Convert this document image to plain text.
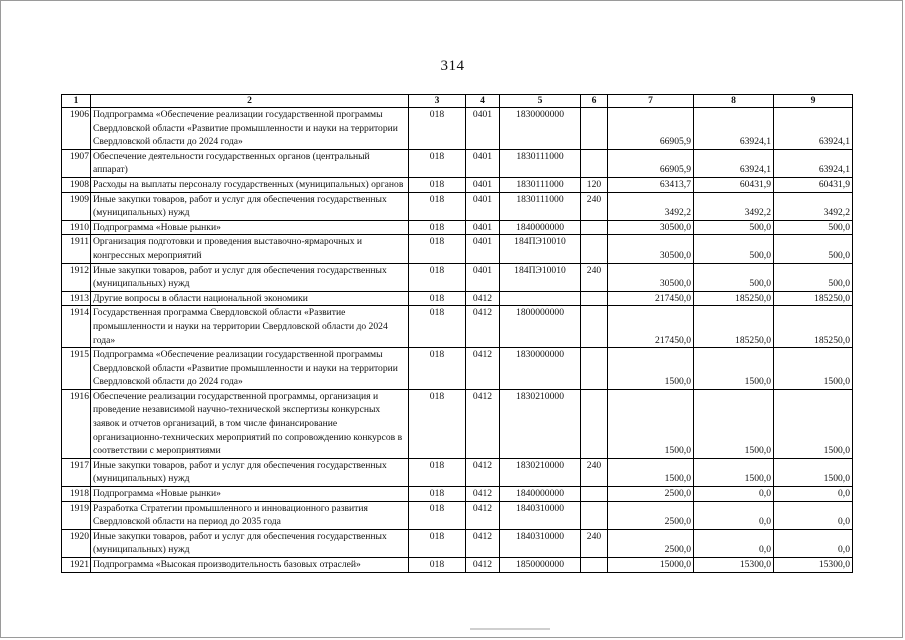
314
1	2	3	4	5	6	7	8	9
1906	Подпрограмма «Обеспечение реализации государственной программы Свердловской области «Развитие промышленности и науки на территории Свердловской области до 2024 года»	018	0401	1830000000		66905,9	63924,1	63924,1
1907	Обеспечение деятельности государственных органов (центральный аппарат)	018	0401	1830111000		66905,9	63924,1	63924,1
1908	Расходы на выплаты персоналу государственных (муниципальных) органов	018	0401	1830111000	120	63413,7	60431,9	60431,9
1909	Иные закупки товаров, работ и услуг для обеспечения государственных (муниципальных) нужд	018	0401	1830111000	240	3492,2	3492,2	3492,2
1910	Подпрограмма «Новые рынки»	018	0401	1840000000		30500,0	500,0	500,0
1911	Организация подготовки и проведения выставочно-ярмарочных и конгрессных мероприятий	018	0401	184ПЭ10010		30500,0	500,0	500,0
1912	Иные закупки товаров, работ и услуг для обеспечения государственных (муниципальных) нужд	018	0401	184ПЭ10010	240	30500,0	500,0	500,0
1913	Другие вопросы в области национальной экономики	018	0412			217450,0	185250,0	185250,0
1914	Государственная программа Свердловской области «Развитие промышленности и науки на территории Свердловской области до 2024 года»	018	0412	1800000000		217450,0	185250,0	185250,0
1915	Подпрограмма «Обеспечение реализации государственной программы Свердловской области «Развитие промышленности и науки на территории Свердловской области до 2024 года»	018	0412	1830000000		1500,0	1500,0	1500,0
1916	Обеспечение реализации государственной программы, организация и проведение независимой научно-технической экспертизы конкурсных заявок и отчетов организаций, в том числе финансирование организационно-технических мероприятий по сопровождению конкурсов в соответствии с мероприятиями	018	0412	1830210000		1500,0	1500,0	1500,0
1917	Иные закупки товаров, работ и услуг для обеспечения государственных (муниципальных) нужд	018	0412	1830210000	240	1500,0	1500,0	1500,0
1918	Подпрограмма «Новые рынки»	018	0412	1840000000		2500,0	0,0	0,0
1919	Разработка Стратегии промышленного и инновационного развития Свердловской области на период до 2035 года	018	0412	1840310000		2500,0	0,0	0,0
1920	Иные закупки товаров, работ и услуг для обеспечения государственных (муниципальных) нужд	018	0412	1840310000	240	2500,0	0,0	0,0
1921	Подпрограмма «Высокая производительность базовых отраслей»	018	0412	1850000000		15000,0	15300,0	15300,0
